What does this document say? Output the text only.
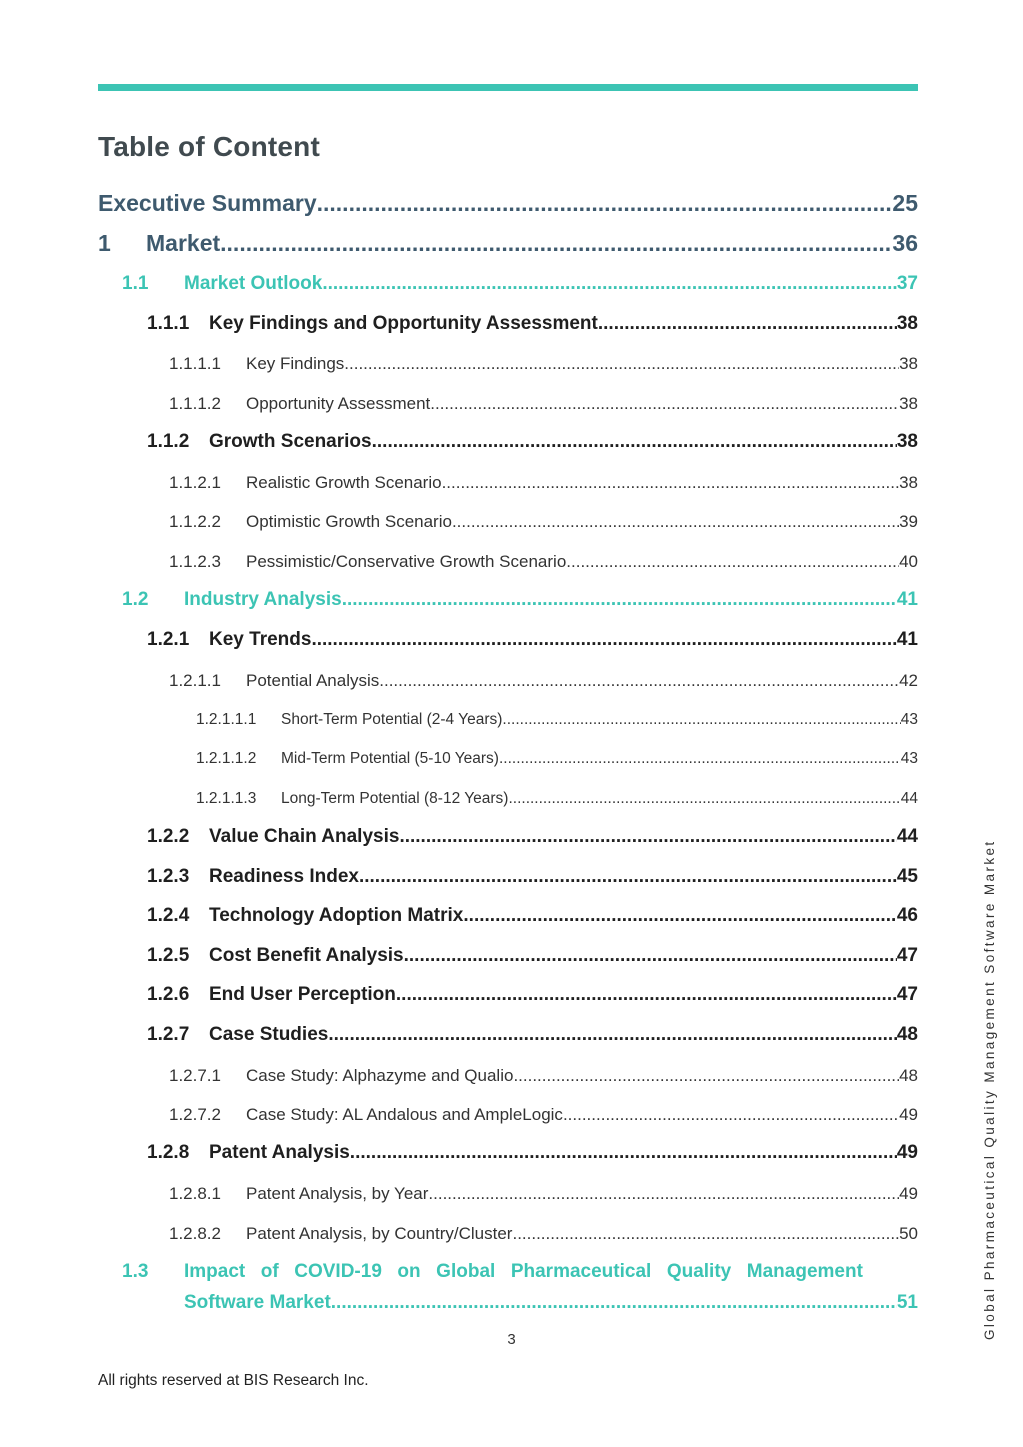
Table of Content
Executive Summary .....	25
1	Market .....	36
1.1	Market Outlook .....	37
1.1.1	Key Findings and Opportunity Assessment .....	38
1.1.1.1	Key Findings .....	38
1.1.1.2	Opportunity Assessment .....	38
1.1.2	Growth Scenarios .....	38
1.1.2.1	Realistic Growth Scenario .....	38
1.1.2.2	Optimistic Growth Scenario .....	39
1.1.2.3	Pessimistic/Conservative Growth Scenario .....	40
1.2	Industry Analysis .....	41
1.2.1	Key Trends .....	41
1.2.1.1	Potential Analysis .....	42
1.2.1.1.1	Short-Term Potential (2-4 Years) .....	43
1.2.1.1.2	Mid-Term Potential (5-10 Years) .....	43
1.2.1.1.3	Long-Term Potential (8-12 Years) .....	44
1.2.2	Value Chain Analysis .....	44
1.2.3	Readiness Index .....	45
1.2.4	Technology Adoption Matrix .....	46
1.2.5	Cost Benefit Analysis .....	47
1.2.6	End User Perception .....	47
1.2.7	Case Studies .....	48
1.2.7.1	Case Study: Alphazyme and Qualio .....	48
1.2.7.2	Case Study: AL Andalous and AmpleLogic .....	49
1.2.8	Patent Analysis .....	49
1.2.8.1	Patent Analysis, by Year .....	49
1.2.8.2	Patent Analysis, by Country/Cluster .....	50
1.3	Impact of COVID-19 on Global Pharmaceutical Quality Management
Software Market .....	51
3
All rights reserved at BIS Research Inc.
Global Pharmaceutical Quality Management Software Market
